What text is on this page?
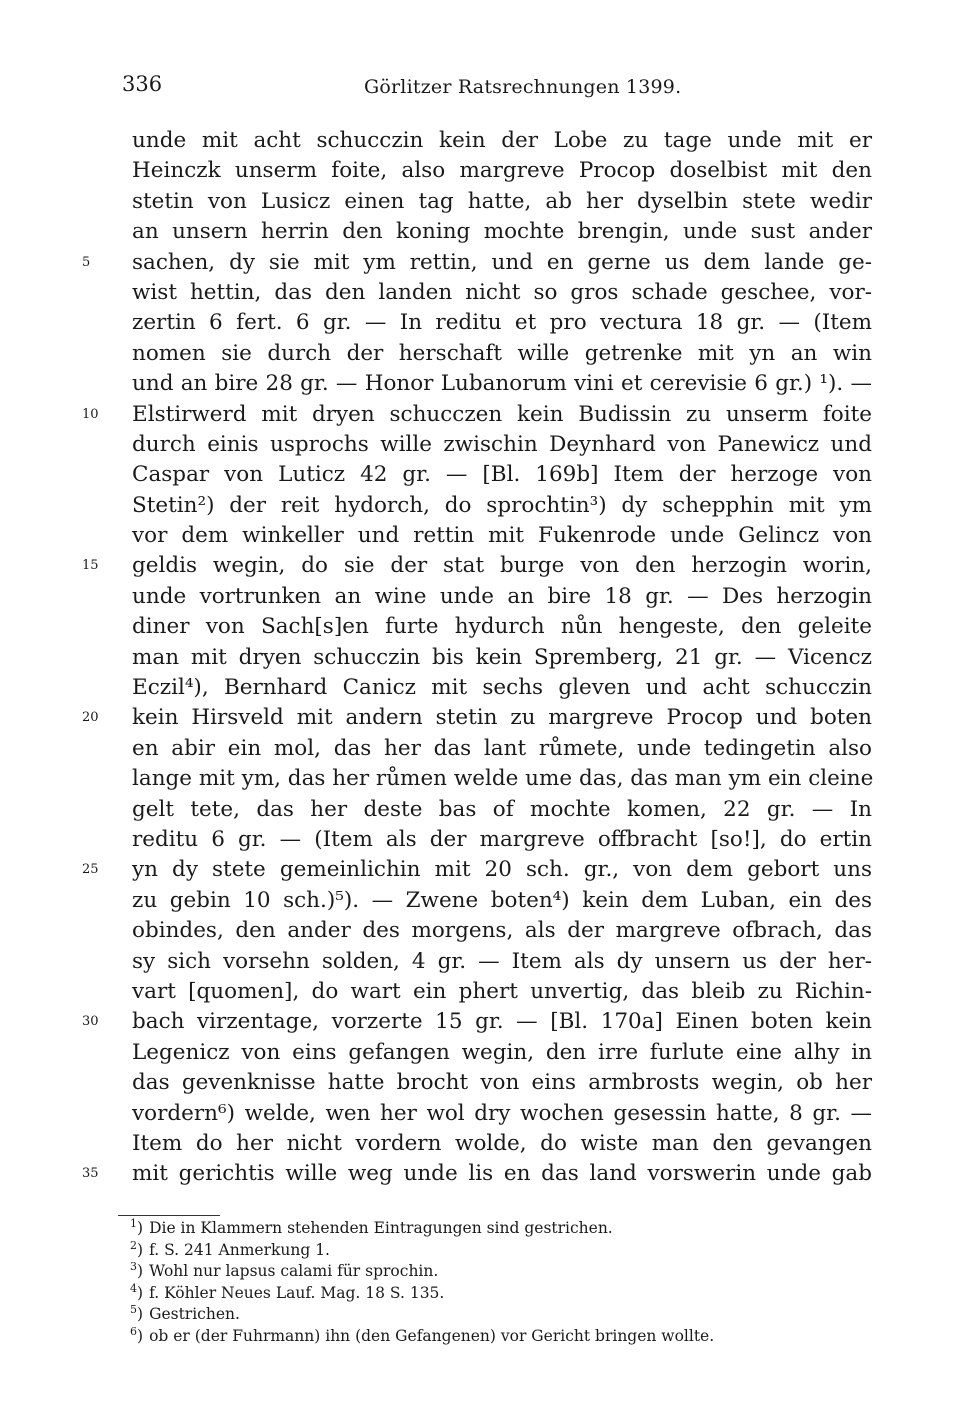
336	Görlitzer Ratsrechnungen 1399.
unde mit acht schucczin kein der Lobe zu tage unde mit er
Heinczk unserm foite, also margreve Procop doselbist mit den
stetin von Lusicz einen tag hatte, ab her dyselbin stete wedir
an unsern herrin den koning mochte brengin, unde sust ander
5	sachen, dy sie mit ym rettin, und en gerne us dem lande ge-
wist hettin, das den landen nicht so gros schade geschee, vor-
zertin 6 fert. 6 gr. — In reditu et pro vectura 18 gr. — (Item
nomen sie durch der herschaft wille getrenke mit yn an win
und an bire 28 gr. — Honor Lubanorum vini et cerevisie 6 gr.) ¹). —
10	Elstirwerd mit dryen schucczen kein Budissin zu unserm foite
durch einis usprochs wille zwischin Deynhard von Panewicz und
Caspar von Luticz 42 gr. — [Bl. 169b] Item der herzoge von
Stetin²) der reit hydorch, do sprochtin³) dy schepphin mit ym
vor dem winkeller und rettin mit Fukenrode unde Gelincz von
15	geldis wegin, do sie der stat burge von den herzogin worin,
unde vortrunken an wine unde an bire 18 gr. — Des herzogin
diner von Sach[s]en furte hydurch nůn hengeste, den geleite
man mit dryen schucczin bis kein Spremberg, 21 gr. — Vicencz
Eczil⁴), Bernhard Canicz mit sechs gleven und acht schucczin
20	kein Hirsveld mit andern stetin zu margreve Procop und boten
en abir ein mol, das her das lant růmete, unde tedingetin also
lange mit ym, das her růmen welde ume das, das man ym ein cleine
gelt tete, das her deste bas of mochte komen, 22 gr. — In
reditu 6 gr. — (Item als der margreve offbracht [so!], do ertin
25	yn dy stete gemeinlichin mit 20 sch. gr., von dem gebort uns
zu gebin 10 sch.)⁵). — Zwene boten⁴) kein dem Luban, ein des
obindes, den ander des morgens, als der margreve ofbrach, das
sy sich vorsehn solden, 4 gr. — Item als dy unsern us der her-
vart [quomen], do wart ein phert unvertig, das bleib zu Richin-
30	bach virzentage, vorzerte 15 gr. — [Bl. 170a] Einen boten kein
Legenicz von eins gefangen wegin, den irre furlute eine alhy in
das gevenknisse hatte brocht von eins armbrosts wegin, ob her
vordern⁶) welde, wen her wol dry wochen gesessin hatte, 8 gr. —
Item do her nicht vordern wolde, do wiste man den gevangen
35	mit gerichtis wille weg unde lis en das land vorswerin unde gab
$^1$) Die in Klammern stehenden Eintragungen sind gestrichen.
$^2$) f. S. 241 Anmerkung 1.
$^3$) Wohl nur lapsus calami für sprochin.
$^4$) f. Köhler Neues Lauf. Mag. 18 S. 135.
$^5$) Gestrichen.
$^6$) ob er (der Fuhrmann) ihn (den Gefangenen) vor Gericht bringen wollte.
